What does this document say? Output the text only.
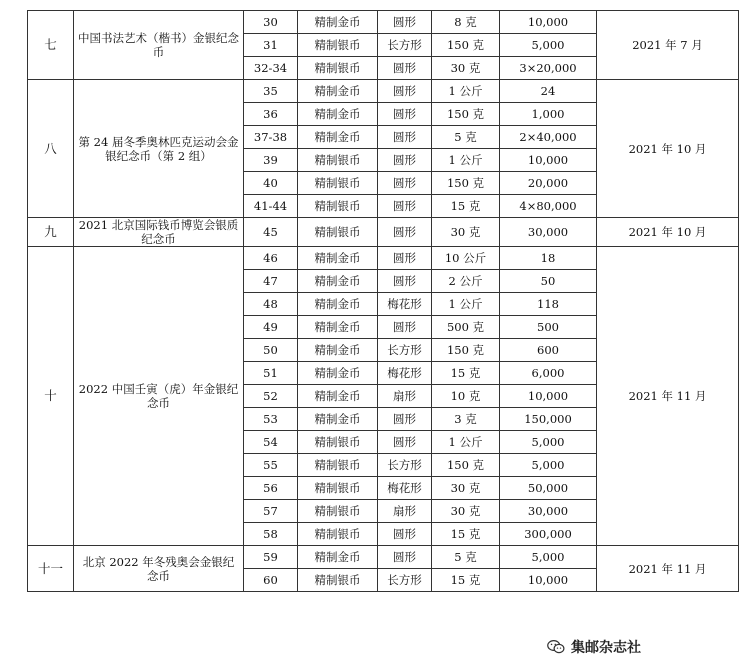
七	中国书法艺术（楷书）金银纪念币	30	精制金币	圆形	8 克	10,000	2021 年 7 月
		31	精制银币	长方形	150 克	5,000	
		32-34	精制银币	圆形	30 克	3×20,000	
八	第 24 届冬季奥林匹克运动会金银纪念币（第 2 组）	35	精制金币	圆形	1 公斤	24	2021 年 10 月
		36	精制金币	圆形	150 克	1,000	
		37-38	精制金币	圆形	5 克	2×40,000	
		39	精制银币	圆形	1 公斤	10,000	
		40	精制银币	圆形	150 克	20,000	
		41-44	精制银币	圆形	15 克	4×80,000	
九	2021 北京国际钱币博览会银质纪念币	45	精制银币	圆形	30 克	30,000	2021 年 10 月
十	2022 中国壬寅（虎）年金银纪念币	46	精制金币	圆形	10 公斤	18	2021 年 11 月
		47	精制金币	圆形	2 公斤	50	
		48	精制金币	梅花形	1 公斤	118	
		49	精制金币	圆形	500 克	500	
		50	精制金币	长方形	150 克	600	
		51	精制金币	梅花形	15 克	6,000	
		52	精制金币	扇形	10 克	10,000	
		53	精制金币	圆形	3 克	150,000	
		54	精制银币	圆形	1 公斤	5,000	
		55	精制银币	长方形	150 克	5,000	
		56	精制银币	梅花形	30 克	50,000	
		57	精制银币	扇形	30 克	30,000	
		58	精制银币	圆形	15 克	300,000	
十一	北京 2022 年冬残奥会金银纪念币	59	精制金币	圆形	5 克	5,000	2021 年 11 月
		60	精制银币	长方形	15 克	10,000	
集邮杂志社
